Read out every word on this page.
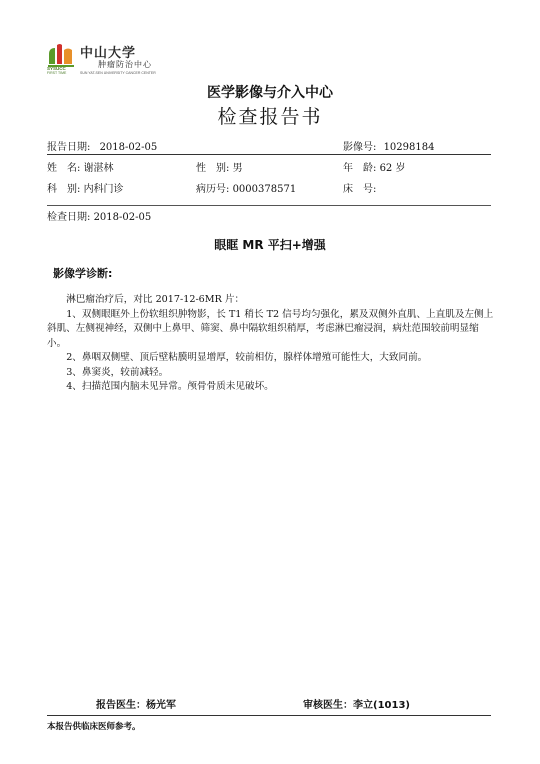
中山大学
肿瘤防治中心
SYSUCC
FIRST TIME	SUN YAT-SEN UNIVERSITY CANCER CENTER
医学影像与介入中心
检查报告书
报告日期: 2018-02-05	影像号: 10298184
姓　名: 谢湛林	性　别: 男	年　龄: 62 岁
科　别: 内科门诊	病历号: 0000378571	床　号:
检查日期: 2018-02-05
眼眶 MR 平扫+增强
影像学诊断:

淋巴瘤治疗后，对比 2017-12-6MR 片：

1、双侧眼眶外上份软组织肿物影，长 T1 稍长 T2 信号均匀强化，累及双侧外直肌、上直肌及左侧上斜肌、左侧视神经，双侧中上鼻甲、筛窦、鼻中隔软组织稍厚，考虑淋巴瘤浸润，病灶范围较前明显缩小。

2、鼻咽双侧壁、顶后壁粘膜明显增厚，较前相仿，腺样体增殖可能性大，大致同前。

3、鼻窦炎，较前减轻。

4、扫描范围内脑未见异常。颅骨骨质未见破坏。

报告医生：杨光军	审核医生：李立(1013)
本报告供临床医师参考。
